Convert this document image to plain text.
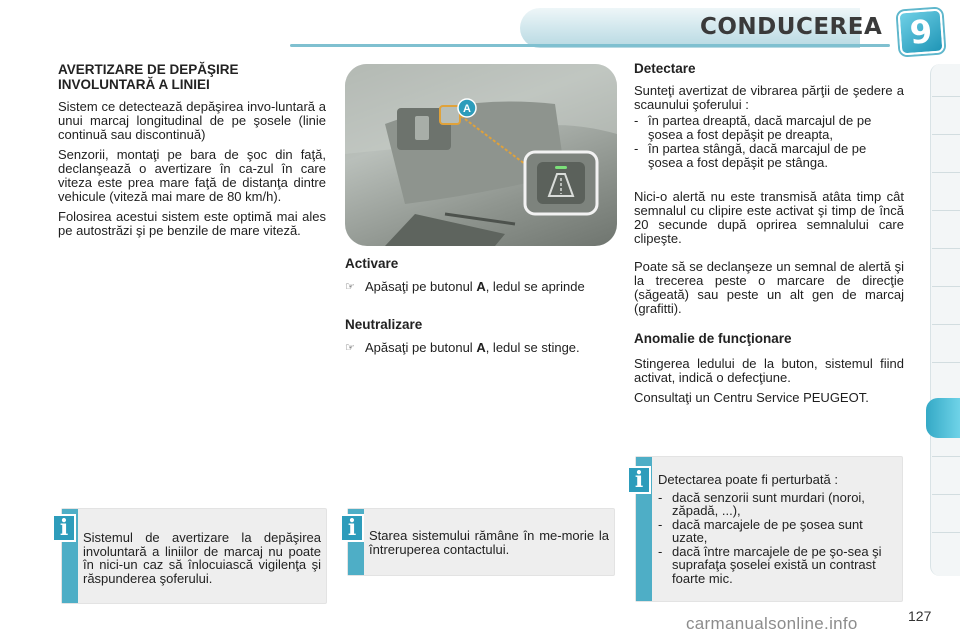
CONDUCEREA 9
AVERTIZARE DE DEPĂŞIRE INVOLUNTARĂ A LINIEI
Sistem ce detectează depăşirea invo-luntară a unui marcaj longitudinal de pe şosele (linie continuă sau discontinuă)
Senzorii, montaţi pe bara de şoc din faţă, declanşează o avertizare în ca-zul în care viteza este prea mare faţă de distanţa dintre vehicule (viteză mai mare de 80 km/h).
Folosirea acestui sistem este optimă mai ales pe autostrăzi şi pe benzile de mare viteză.
A
Activare
☞ Apăsaţi pe butonul A, ledul se aprinde
Neutralizare
☞ Apăsaţi pe butonul A, ledul se stinge.
Detectare
Sunteţi avertizat de vibrarea părţii de şedere a scaunului şoferului :
- în partea dreaptă, dacă marcajul de pe şosea a fost depăşit pe dreapta,
- în partea stângă, dacă marcajul de pe şosea a fost depăşit pe stânga.
Nici-o alertă nu este transmisă atâta timp cât semnalul cu clipire este activat şi timp de încă 20 secunde după oprirea semnalului care clipeşte.
Poate să se declanşeze un semnal de alertă şi la trecerea peste o marcare de direcţie (săgeată) sau peste un alt gen de marcaj (grafitti).
Anomalie de funcţionare
Stingerea ledului de la buton, sistemul fiind activat, indică o defecţiune.
Consultaţi un Centru Service PEUGEOT.
Sistemul de avertizare la depăşirea involuntară a liniilor de marcaj nu poate în nici-un caz să înlocuiască vigilenţa şi răspunderea şoferului.
i	Starea sistemului rămâne în me-morie la întreruperea contactului.
i
Detectarea poate fi perturbată :
- dacă senzorii sunt murdari (noroi, zăpadă, ...),
- dacă marcajele de pe şosea sunt uzate,
- dacă între marcajele de pe şo-sea şi suprafaţa şoselei există un contrast foarte mic.
i
127
carmanualsonline.info
